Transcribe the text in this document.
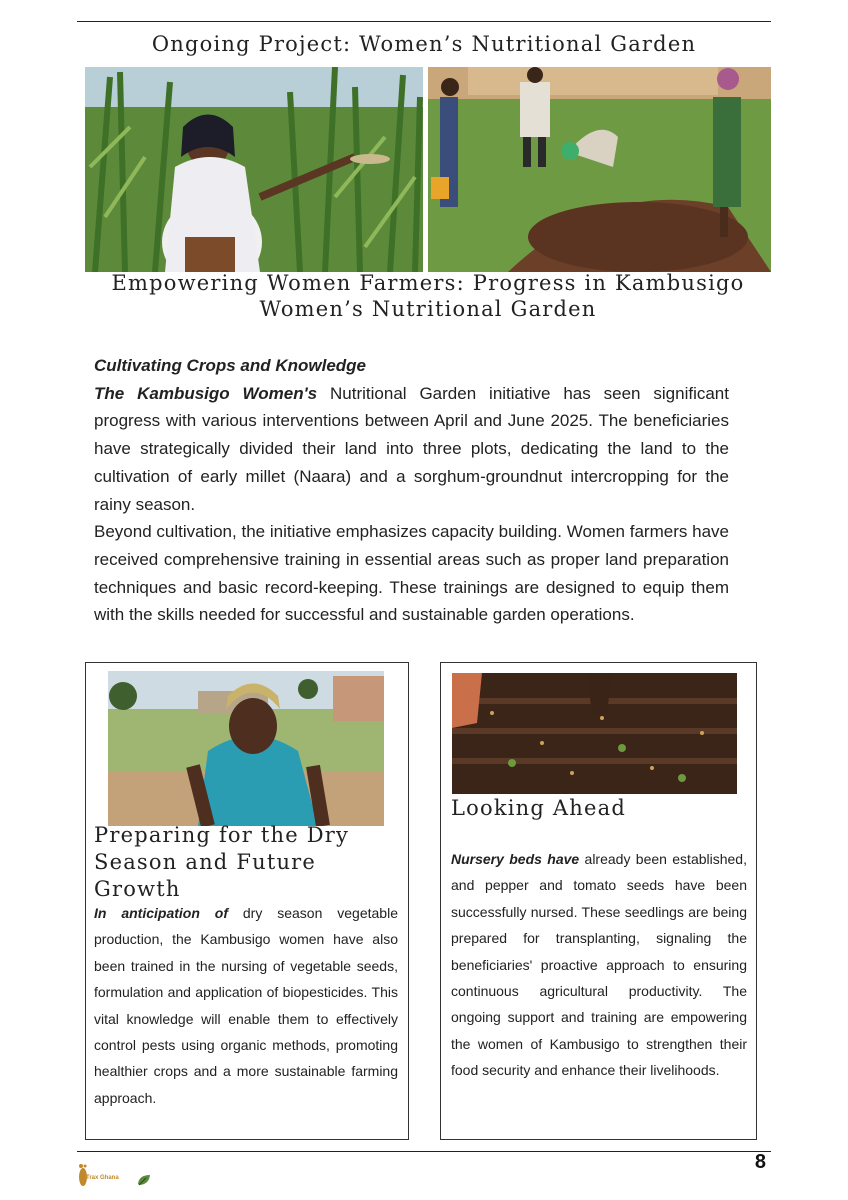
Ongoing Project: Women’s Nutritional Garden
Empowering Women Farmers: Progress in Kambusigo
Women’s Nutritional Garden

Cultivating Crops and Knowledge

The Kambusigo Women's Nutritional Garden initiative has seen significant progress with various interventions between April and June 2025. The beneficiaries have strategically divided their land into three plots, dedicating the land to the cultivation of early millet (Naara) and a sorghum-groundnut intercropping for the rainy season.

Beyond cultivation, the initiative emphasizes capacity building. Women farmers have received comprehensive training in essential areas such as proper land preparation techniques and basic record-keeping. These trainings are designed to equip them with the skills needed for successful and sustainable garden operations.

Preparing for the Dry
Season and Future Growth
Looking Ahead

In anticipation of dry season vegetable production, the Kambusigo women have also been trained in the nursing of vegetable seeds, formulation and application of biopesticides. This vital knowledge will enable them to effectively control pests using organic methods, promoting healthier crops and a more sustainable farming approach.

Nursery beds have already been established, and pepper and tomato seeds have been successfully nursed. These seedlings are being prepared for transplanting, signaling the beneficiaries' proactive approach to ensuring continuous agricultural productivity. The ongoing support and training are empowering the women of Kambusigo to strengthen their food security and enhance their livelihoods.

8
Trax Ghana
